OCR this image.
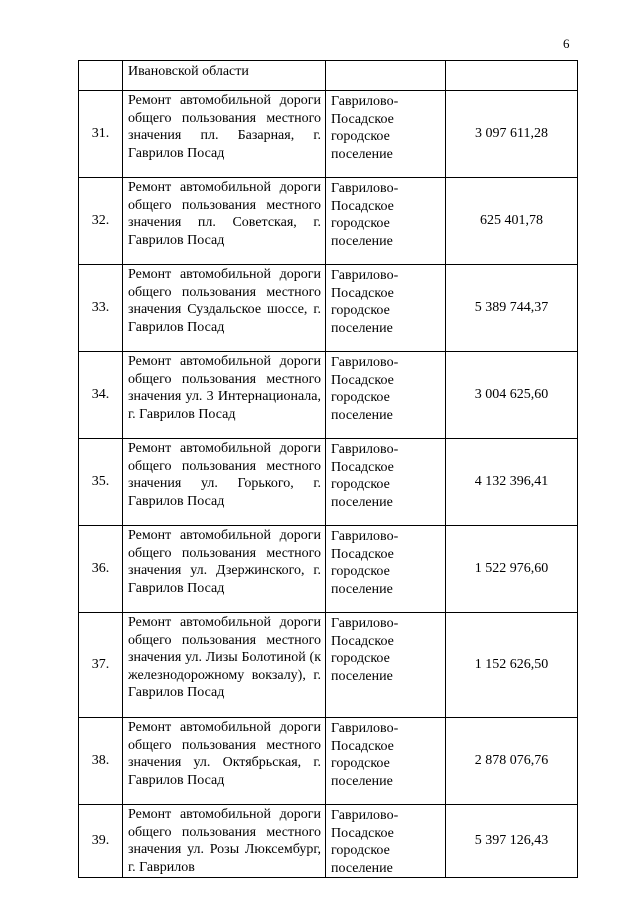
6
	Ивановской области		
31.	Ремонт автомобильной дороги общего пользования местного значения пл. Базарная, г. Гаврилов Посад	Гаврилово-Посадское городское поселение	3 097 611,28
32.	Ремонт автомобильной дороги общего пользования местного значения пл. Советская, г. Гаврилов Посад	Гаврилово-Посадское городское поселение	625 401,78
33.	Ремонт автомобильной дороги общего пользования местного значения Суздальское шоссе, г. Гаврилов Посад	Гаврилово-Посадское городское поселение	5 389 744,37
34.	Ремонт автомобильной дороги общего пользования местного значения ул. 3 Интернационала, г. Гаврилов Посад	Гаврилово-Посадское городское поселение	3 004 625,60
35.	Ремонт автомобильной дороги общего пользования местного значения ул. Горького, г. Гаврилов Посад	Гаврилово-Посадское городское поселение	4 132 396,41
36.	Ремонт автомобильной дороги общего пользования местного значения ул. Дзержинского, г. Гаврилов Посад	Гаврилово-Посадское городское поселение	1 522 976,60
37.	Ремонт автомобильной дороги общего пользования местного значения ул. Лизы Болотиной (к железнодорожному вокзалу), г. Гаврилов Посад	Гаврилово-Посадское городское поселение	1 152 626,50
38.	Ремонт автомобильной дороги общего пользования местного значения ул. Октябрьская, г. Гаврилов Посад	Гаврилово-Посадское городское поселение	2 878 076,76
39.	Ремонт автомобильной дороги общего пользования местного значения ул. Розы Люксембург, г. Гаврилов	Гаврилово-Посадское городское поселение	5 397 126,43
